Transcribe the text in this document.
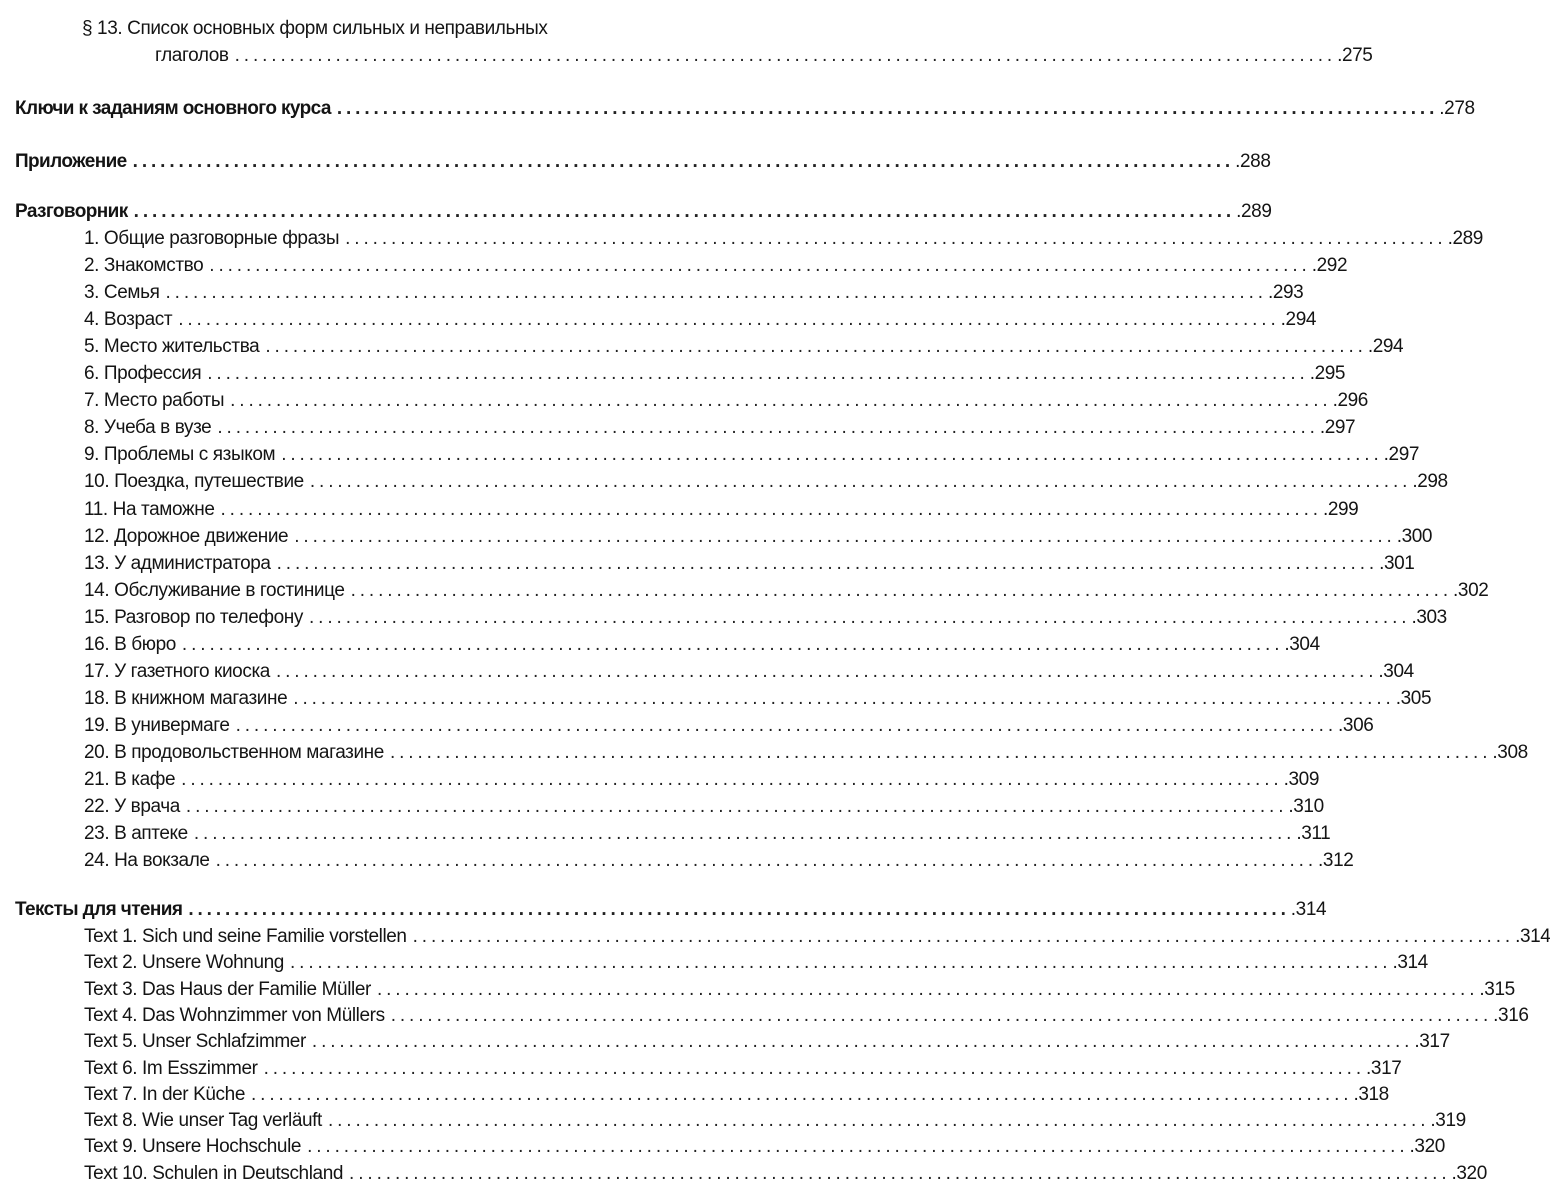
§ 13. Список основных форм сильных и неправильных
глаголов ........................................................................................................................ .275
Ключи к заданиям основного курса ........................................................................................................................ .278
Приложение ........................................................................................................................ .288
Разговорник ........................................................................................................................ .289
1. Общие разговорные фразы ........................................................................................................................ .289
2. Знакомство ........................................................................................................................ .292
3. Семья ........................................................................................................................ .293
4. Возраст ........................................................................................................................ .294
5. Место жительства ........................................................................................................................ .294
6. Профессия ........................................................................................................................ .295
7. Место работы ........................................................................................................................ .296
8. Учеба в вузе ........................................................................................................................ .297
9. Проблемы с языком ........................................................................................................................ .297
10. Поездка, путешествие ........................................................................................................................ .298
11. На таможне ........................................................................................................................ .299
12. Дорожное движение ........................................................................................................................ .300
13. У администратора ........................................................................................................................ .301
14. Обслуживание в гостинице ........................................................................................................................ .302
15. Разговор по телефону ........................................................................................................................ .303
16. В бюро ........................................................................................................................ .304
17. У газетного киоска ........................................................................................................................ .304
18. В книжном магазине ........................................................................................................................ .305
19. В универмаге ........................................................................................................................ .306
20. В продовольственном магазине ........................................................................................................................ .308
21. В кафе ........................................................................................................................ .309
22. У врача ........................................................................................................................ .310
23. В аптеке ........................................................................................................................ .311
24. На вокзале ........................................................................................................................ .312
Тексты для чтения ........................................................................................................................ .314
Text 1. Sich und seine Familie vorstellen ........................................................................................................................ .314
Text 2. Unsere Wohnung ........................................................................................................................ .314
Text 3. Das Haus der Familie Müller ........................................................................................................................ .315
Text 4. Das Wohnzimmer von Müllers ........................................................................................................................ .316
Text 5. Unser Schlafzimmer ........................................................................................................................ .317
Text 6. Im Esszimmer ........................................................................................................................ .317
Text 7. In der Küche ........................................................................................................................ .318
Text 8. Wie unser Tag verläuft ........................................................................................................................ .319
Text 9. Unsere Hochschule ........................................................................................................................ .320
Text 10. Schulen in Deutschland ........................................................................................................................ .320
